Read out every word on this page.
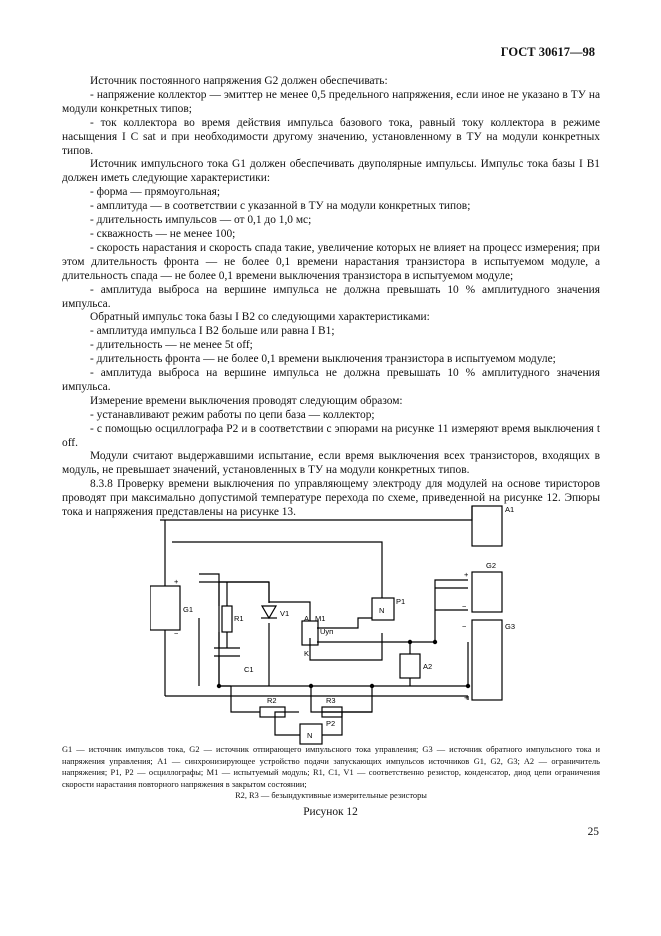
ГОСТ 30617—98

Источник постоянного напряжения G2 должен обеспечивать:

- напряжение коллектор — эмиттер не менее 0,5 предельного напряжения, если иное не указано в ТУ на модули конкретных типов;

- ток коллектора во время действия импульса базового тока, равный току коллектора в режиме насыщения I C sat и при необходимости другому значению, установленному в ТУ на модули конкретных типов.

Источник импульсного тока G1 должен обеспечивать двуполярные импульсы. Импульс тока базы I B1 должен иметь следующие характеристики:

- форма — прямоугольная;

- амплитуда — в соответствии с указанной в ТУ на модули конкретных типов;

- длительность импульсов — от 0,1 до 1,0 мс;

- скважность — не менее 100;

- скорость нарастания и скорость спада такие, увеличение которых не влияет на процесс измерения; при этом длительность фронта — не более 0,1 времени нарастания транзистора в испытуемом модуле, а длительность спада — не более 0,1 времени выключения транзистора в испытуемом модуле;

- амплитуда выброса на вершине импульса не должна превышать 10 % амплитудного значения импульса.

Обратный импульс тока базы I B2 со следующими характеристиками:

- амплитуда импульса I B2 больше или равна I B1;

- длительность — не менее 5t off;

- длительность фронта — не более 0,1 времени выключения транзистора в испытуемом модуле;

- амплитуда выброса на вершине импульса не должна превышать 10 % амплитудного значения импульса.

Измерение времени выключения проводят следующим образом:

- устанавливают режим работы по цепи база — коллектор;

- с помощью осциллографа P2 и в соответствии с эпюрами на рисунке 11 измеряют время выключения t off.

Модули считают выдержавшими испытание, если время выключения всех транзисторов, входящих в модуль, не превышает значений, установленных в ТУ на модули конкретных типов.

8.3.8 Проверку времени выключения по управляющему электроду для модулей на основе тиристоров проводят при максимально допустимой температуре перехода по схеме, приведенной на рисунке 12. Эпюры тока и напряжения представлены на рисунке 13.	A1
G2
G3
G1
R1
V1
P1
P2
A M1
Uуп
K
C1	A2
R2	R3
N
N
+
−
+
−
−
+
G1 — источник импульсов тока, G2 — источник отпирающего импульсного тока управления; G3 — источник обратного импульсного тока и напряжения управления; A1 — синхронизирующее устройство подачи запускающих импульсов источников G1, G2, G3; A2 — ограничитель напряжения; P1, P2 — осциллографы; M1 — испытуемый модуль; R1, C1, V1 — соответственно резистор, конденсатор, диод цепи ограничения скорости нарастания повторного напряжения в закрытом состоянии;
R2, R3 — безындуктивные измерительные резисторы
Рисунок 12
25
